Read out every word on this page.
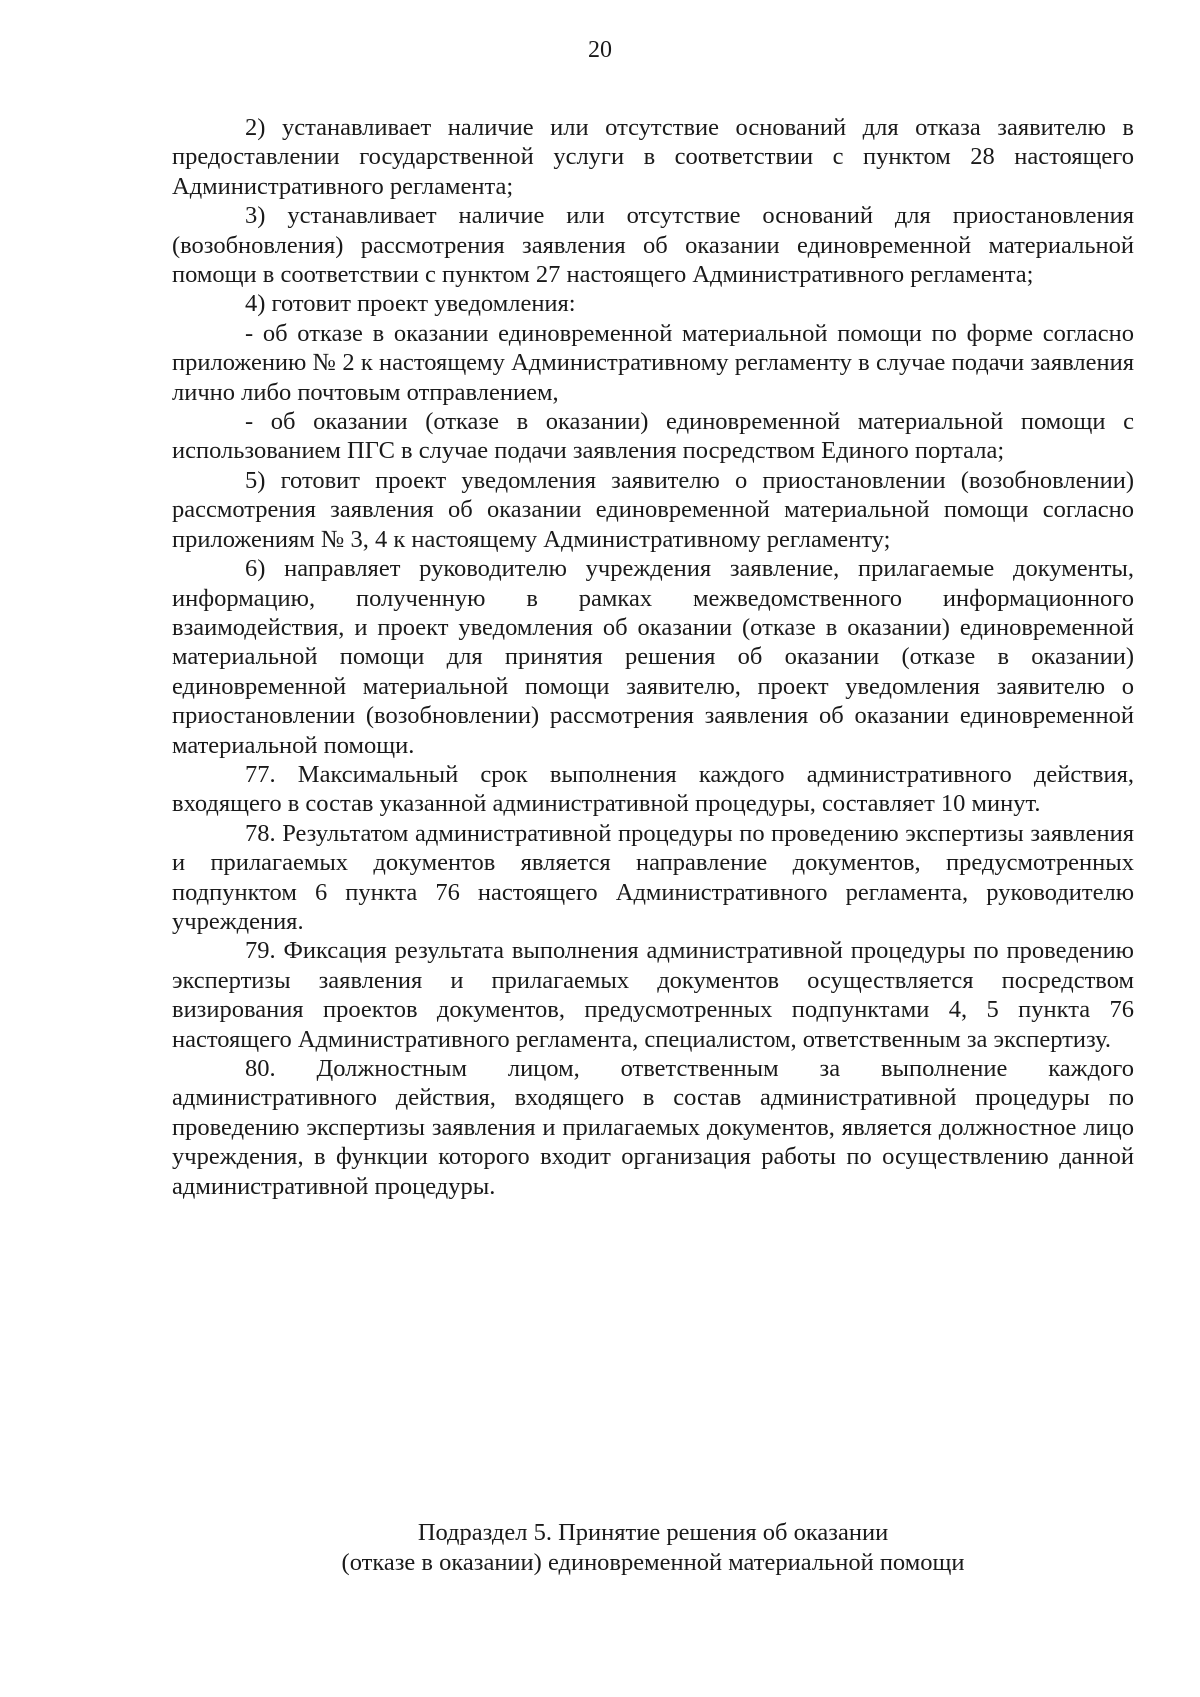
20

2) устанавливает наличие или отсутствие оснований для отказа заявителю в предоставлении государственной услуги в соответствии с пунктом 28 настоящего Административного регламента;

3) устанавливает наличие или отсутствие оснований для приостановления (возобновления) рассмотрения заявления об оказании единовременной материальной помощи в соответствии с пунктом 27 настоящего Административного регламента;

4) готовит проект уведомления:

- об отказе в оказании единовременной материальной помощи по форме согласно приложению № 2 к настоящему Административному регламенту в случае подачи заявления лично либо почтовым отправлением,

- об оказании (отказе в оказании) единовременной материальной помощи с использованием ПГС в случае подачи заявления посредством Единого портала;

5) готовит проект уведомления заявителю о приостановлении (возобновлении) рассмотрения заявления об оказании единовременной материальной помощи согласно приложениям № 3, 4 к настоящему Административному регламенту;

6) направляет руководителю учреждения заявление, прилагаемые документы, информацию, полученную в рамках межведомственного информационного взаимодействия, и проект уведомления об оказании (отказе в оказании) единовременной материальной помощи для принятия решения об оказании (отказе в оказании) единовременной материальной помощи заявителю, проект уведомления заявителю о приостановлении (возобновлении) рассмотрения заявления об оказании единовременной материальной помощи.

77. Максимальный срок выполнения каждого административного действия, входящего в состав указанной административной процедуры, составляет 10 минут.

78. Результатом административной процедуры по проведению экспертизы заявления и прилагаемых документов является направление документов, предусмотренных подпунктом 6 пункта 76 настоящего Административного регламента, руководителю учреждения.

79. Фиксация результата выполнения административной процедуры по проведению экспертизы заявления и прилагаемых документов осуществляется посредством визирования проектов документов, предусмотренных подпунктами 4, 5 пункта 76 настоящего Административного регламента, специалистом, ответственным за экспертизу.

80. Должностным лицом, ответственным за выполнение каждого административного действия, входящего в состав административной процедуры по проведению экспертизы заявления и прилагаемых документов, является должностное лицо учреждения, в функции которого входит организация работы по осуществлению данной административной процедуры.

Подраздел 5. Принятие решения об оказании
(отказе в оказании) единовременной материальной помощи
